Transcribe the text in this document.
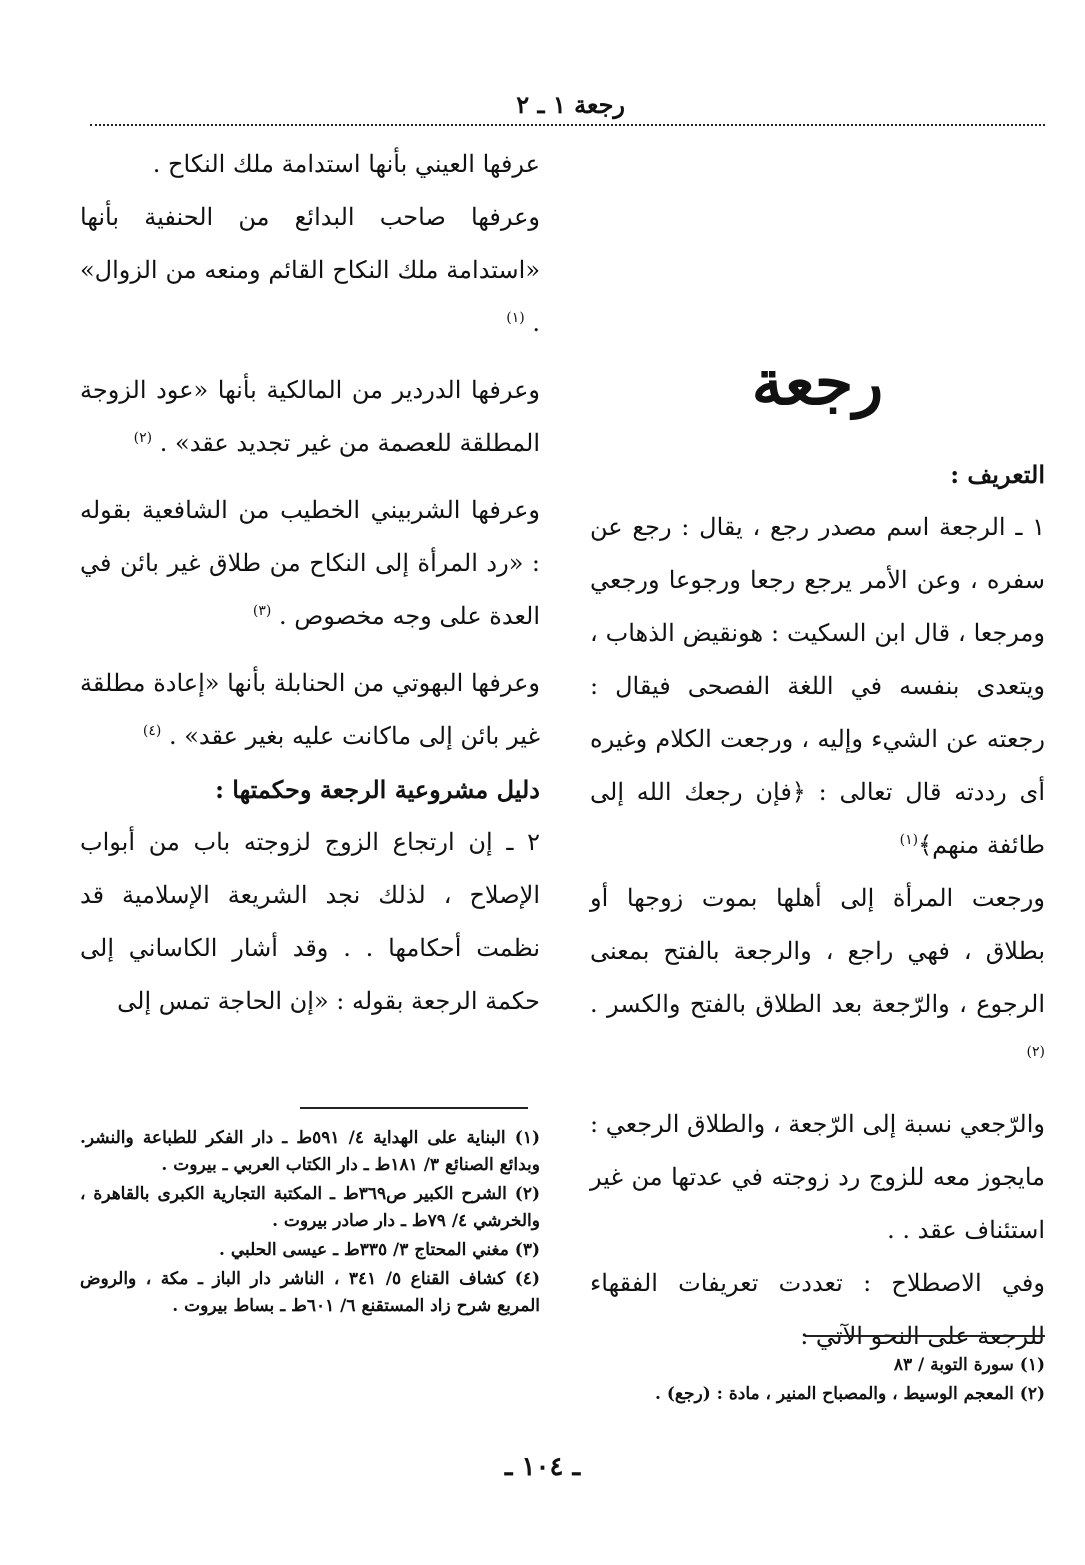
رجعة ١ ـ ٢
رجعة

التعريف :

١ ـ الرجعة اسم مصدر رجع ، يقال : رجع عن سفره ، وعن الأمر يرجع رجعا ورجوعا ورجعي ومرجعا ، قال ابن السكيت : هونقيض الذهاب ، ويتعدى بنفسه في اللغة الفصحى فيقال : رجعته عن الشيء وإليه ، ورجعت الكلام وغيره أى رددته قال تعالى : ﴿فإن رجعك الله إلى طائفة منهم﴾$^{(١)}$

ورجعت المرأة إلى أهلها بموت زوجها أو بطلاق ، فهي راجع ، والرجعة بالفتح بمعنى الرجوع ، والرّجعة بعد الطلاق بالفتح والكسر . $^{(٢)}$

والرّجعي نسبة إلى الرّجعة ، والطلاق الرجعي : مايجوز معه للزوج رد زوجته في عدتها من غير استئناف عقد . .

وفي الاصطلاح : تعددت تعريفات الفقهاء للرجعة على النحو الآتي :

عرفها العيني بأنها استدامة ملك النكاح .

وعرفها صاحب البدائع من الحنفية بأنها «استدامة ملك النكاح القائم ومنعه من الزوال» . $^{(١)}$

وعرفها الدردير من المالكية بأنها «عود الزوجة المطلقة للعصمة من غير تجديد عقد» . $^{(٢)}$

وعرفها الشربيني الخطيب من الشافعية بقوله : «رد المرأة إلى النكاح من طلاق غير بائن في العدة على وجه مخصوص . $^{(٣)}$

وعرفها البهوتي من الحنابلة بأنها «إعادة مطلقة غير بائن إلى ماكانت عليه بغير عقد» . $^{(٤)}$

دليل مشروعية الرجعة وحكمتها :

٢ ـ إن ارتجاع الزوج لزوجته باب من أبواب الإصلاح ، لذلك نجد الشريعة الإسلامية قد نظمت أحكامها . . وقد أشار الكاساني إلى حكمة الرجعة بقوله : «إن الحاجة تمس إلى

(١) البناية على الهداية ٤/ ٥٩١ط ـ دار الفكر للطباعة والنشر. وبدائع الصنائع ٣/ ١٨١ط ـ دار الكتاب العربي ـ بيروت .

(٢) الشرح الكبير ص٣٦٩ط ـ المكتبة التجارية الكبرى بالقاهرة ، والخرشي ٤/ ٧٩ط ـ دار صادر بيروت .

(٣) مغني المحتاج ٣/ ٣٣٥ط ـ عيسى الحلبي .

(٤) كشاف القناع ٥/ ٣٤١ ، الناشر دار الباز ـ مكة ، والروض المربع شرح زاد المستقنع ٦/ ٦٠١ط ـ بساط بيروت .

(١) سورة التوبة / ٨٣

(٢) المعجم الوسيط ، والمصباح المنير ، مادة : (رجع) .

ـ ١٠٤ ـ
